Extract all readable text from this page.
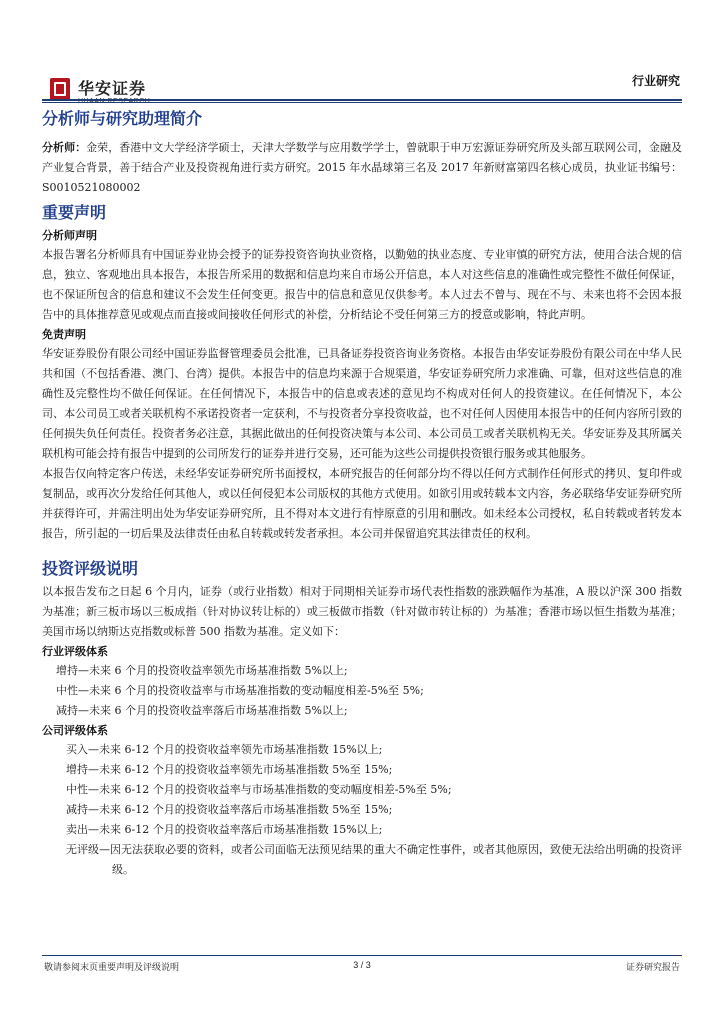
华安证券	行业研究
分析师与研究助理简介

分析师：金荣，香港中文大学经济学硕士，天津大学数学与应用数学学士，曾就职于申万宏源证券研究所及头部互联网公司，金融及产业复合背景，善于结合产业及投资视角进行卖方研究。2015 年水晶球第三名及 2017 年新财富第四名核心成员，执业证书编号：S0010521080002

重要声明
分析师声明

本报告署名分析师具有中国证券业协会授予的证券投资咨询执业资格，以勤勉的执业态度、专业审慎的研究方法，使用合法合规的信息，独立、客观地出具本报告，本报告所采用的数据和信息均来自市场公开信息，本人对这些信息的准确性或完整性不做任何保证，也不保证所包含的信息和建议不会发生任何变更。报告中的信息和意见仅供参考。本人过去不曾与、现在不与、未来也将不会因本报告中的具体推荐意见或观点而直接或间接收任何形式的补偿，分析结论不受任何第三方的授意或影响，特此声明。

免责声明

华安证券股份有限公司经中国证券监督管理委员会批准，已具备证券投资咨询业务资格。本报告由华安证券股份有限公司在中华人民共和国（不包括香港、澳门、台湾）提供。本报告中的信息均来源于合规渠道，华安证券研究所力求准确、可靠，但对这些信息的准确性及完整性均不做任何保证。在任何情况下，本报告中的信息或表述的意见均不构成对任何人的投资建议。在任何情况下，本公司、本公司员工或者关联机构不承诺投资者一定获利，不与投资者分享投资收益，也不对任何人因使用本报告中的任何内容所引致的任何损失负任何责任。投资者务必注意，其据此做出的任何投资决策与本公司、本公司员工或者关联机构无关。华安证券及其所属关联机构可能会持有报告中提到的公司所发行的证券并进行交易，还可能为这些公司提供投资银行服务或其他服务。

本报告仅向特定客户传送，未经华安证券研究所书面授权，本研究报告的任何部分均不得以任何方式制作任何形式的拷贝、复印件或复制品，或再次分发给任何其他人，或以任何侵犯本公司版权的其他方式使用。如欲引用或转载本文内容，务必联络华安证券研究所并获得许可，并需注明出处为华安证券研究所，且不得对本文进行有悖原意的引用和删改。如未经本公司授权，私自转载或者转发本报告，所引起的一切后果及法律责任由私自转载或转发者承担。本公司并保留追究其法律责任的权利。

投资评级说明

以本报告发布之日起 6 个月内，证券（或行业指数）相对于同期相关证券市场代表性指数的涨跌幅作为基准，A 股以沪深 300 指数为基准；新三板市场以三板成指（针对协议转让标的）或三板做市指数（针对做市转让标的）为基准；香港市场以恒生指数为基准；美国市场以纳斯达克指数或标普 500 指数为基准。定义如下：

行业评级体系

增持—未来 6 个月的投资收益率领先市场基准指数 5%以上;

中性—未来 6 个月的投资收益率与市场基准指数的变动幅度相差-5%至 5%;

减持—未来 6 个月的投资收益率落后市场基准指数 5%以上;

公司评级体系

买入—未来 6-12 个月的投资收益率领先市场基准指数 15%以上;

增持—未来 6-12 个月的投资收益率领先市场基准指数 5%至 15%;

中性—未来 6-12 个月的投资收益率与市场基准指数的变动幅度相差-5%至 5%;

减持—未来 6-12 个月的投资收益率落后市场基准指数 5%至 15%;

卖出—未来 6-12 个月的投资收益率落后市场基准指数 15%以上;

无评级—因无法获取必要的资料，或者公司面临无法预见结果的重大不确定性事件，或者其他原因，致使无法给出明确的投资评级。

敬请参阅末页重要声明及评级说明	3 / 3	证券研究报告
